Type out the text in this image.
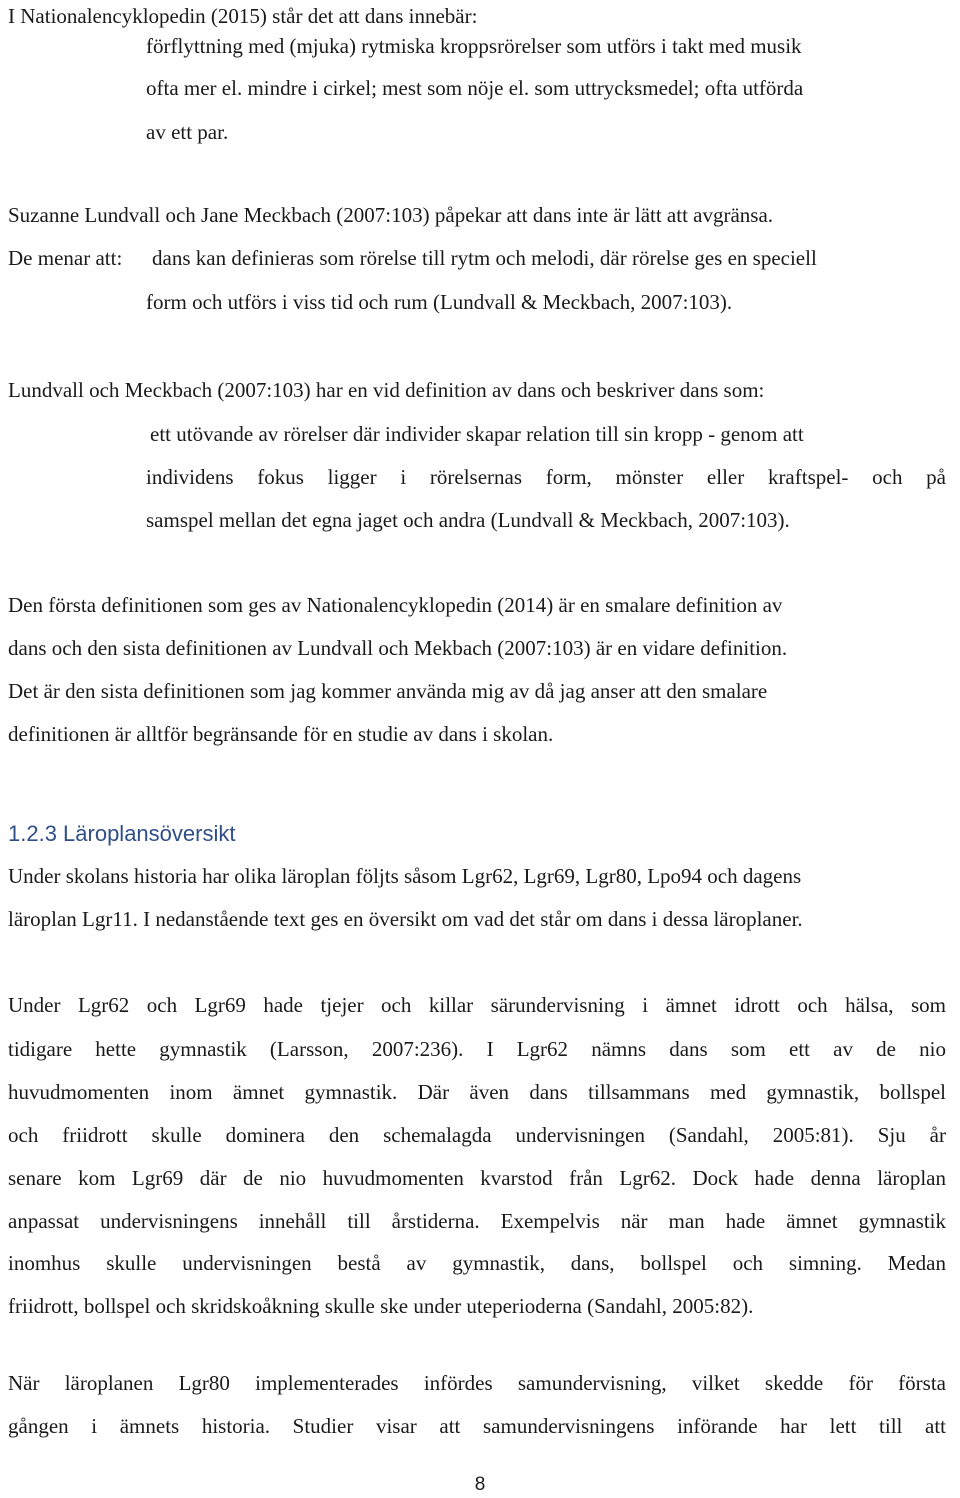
I Nationalencyklopedin (2015) står det att dans innebär:
förflyttning med (mjuka) rytmiska kroppsrörelser som utförs i takt med musik
ofta mer el. mindre i cirkel; mest som nöje el. som uttrycksmedel; ofta utförda
av ett par.
Suzanne Lundvall och Jane Meckbach (2007:103) påpekar att dans inte är lätt att avgränsa.
De menar att: dans kan definieras som rörelse till rytm och melodi, där rörelse ges en speciell
form och utförs i viss tid och rum (Lundvall & Meckbach, 2007:103).
Lundvall och Meckbach (2007:103) har en vid definition av dans och beskriver dans som:
ett utövande av rörelser där individer skapar relation till sin kropp - genom att
individens fokus ligger i rörelsernas form, mönster eller kraftspel- och på
samspel mellan det egna jaget och andra (Lundvall & Meckbach, 2007:103).
Den första definitionen som ges av Nationalencyklopedin (2014) är en smalare definition av
dans och den sista definitionen av Lundvall och Mekbach (2007:103) är en vidare definition.
Det är den sista definitionen som jag kommer använda mig av då jag anser att den smalare
definitionen är alltför begränsande för en studie av dans i skolan.
1.2.3 Läroplansöversikt
Under skolans historia har olika läroplan följts såsom Lgr62, Lgr69, Lgr80, Lpo94 och dagens
läroplan Lgr11. I nedanstående text ges en översikt om vad det står om dans i dessa läroplaner.
Under Lgr62 och Lgr69 hade tjejer och killar särundervisning i ämnet idrott och hälsa, som
tidigare hette gymnastik (Larsson, 2007:236). I Lgr62 nämns dans som ett av de nio
huvudmomenten inom ämnet gymnastik. Där även dans tillsammans med gymnastik, bollspel
och friidrott skulle dominera den schemalagda undervisningen (Sandahl, 2005:81). Sju år
senare kom Lgr69 där de nio huvudmomenten kvarstod från Lgr62. Dock hade denna läroplan
anpassat undervisningens innehåll till årstiderna. Exempelvis när man hade ämnet gymnastik
inomhus skulle undervisningen bestå av gymnastik, dans, bollspel och simning. Medan
friidrott, bollspel och skridskoåkning skulle ske under uteperioderna (Sandahl, 2005:82).
När läroplanen Lgr80 implementerades infördes samundervisning, vilket skedde för första
gången i ämnets historia. Studier visar att samundervisningens införande har lett till att
8
